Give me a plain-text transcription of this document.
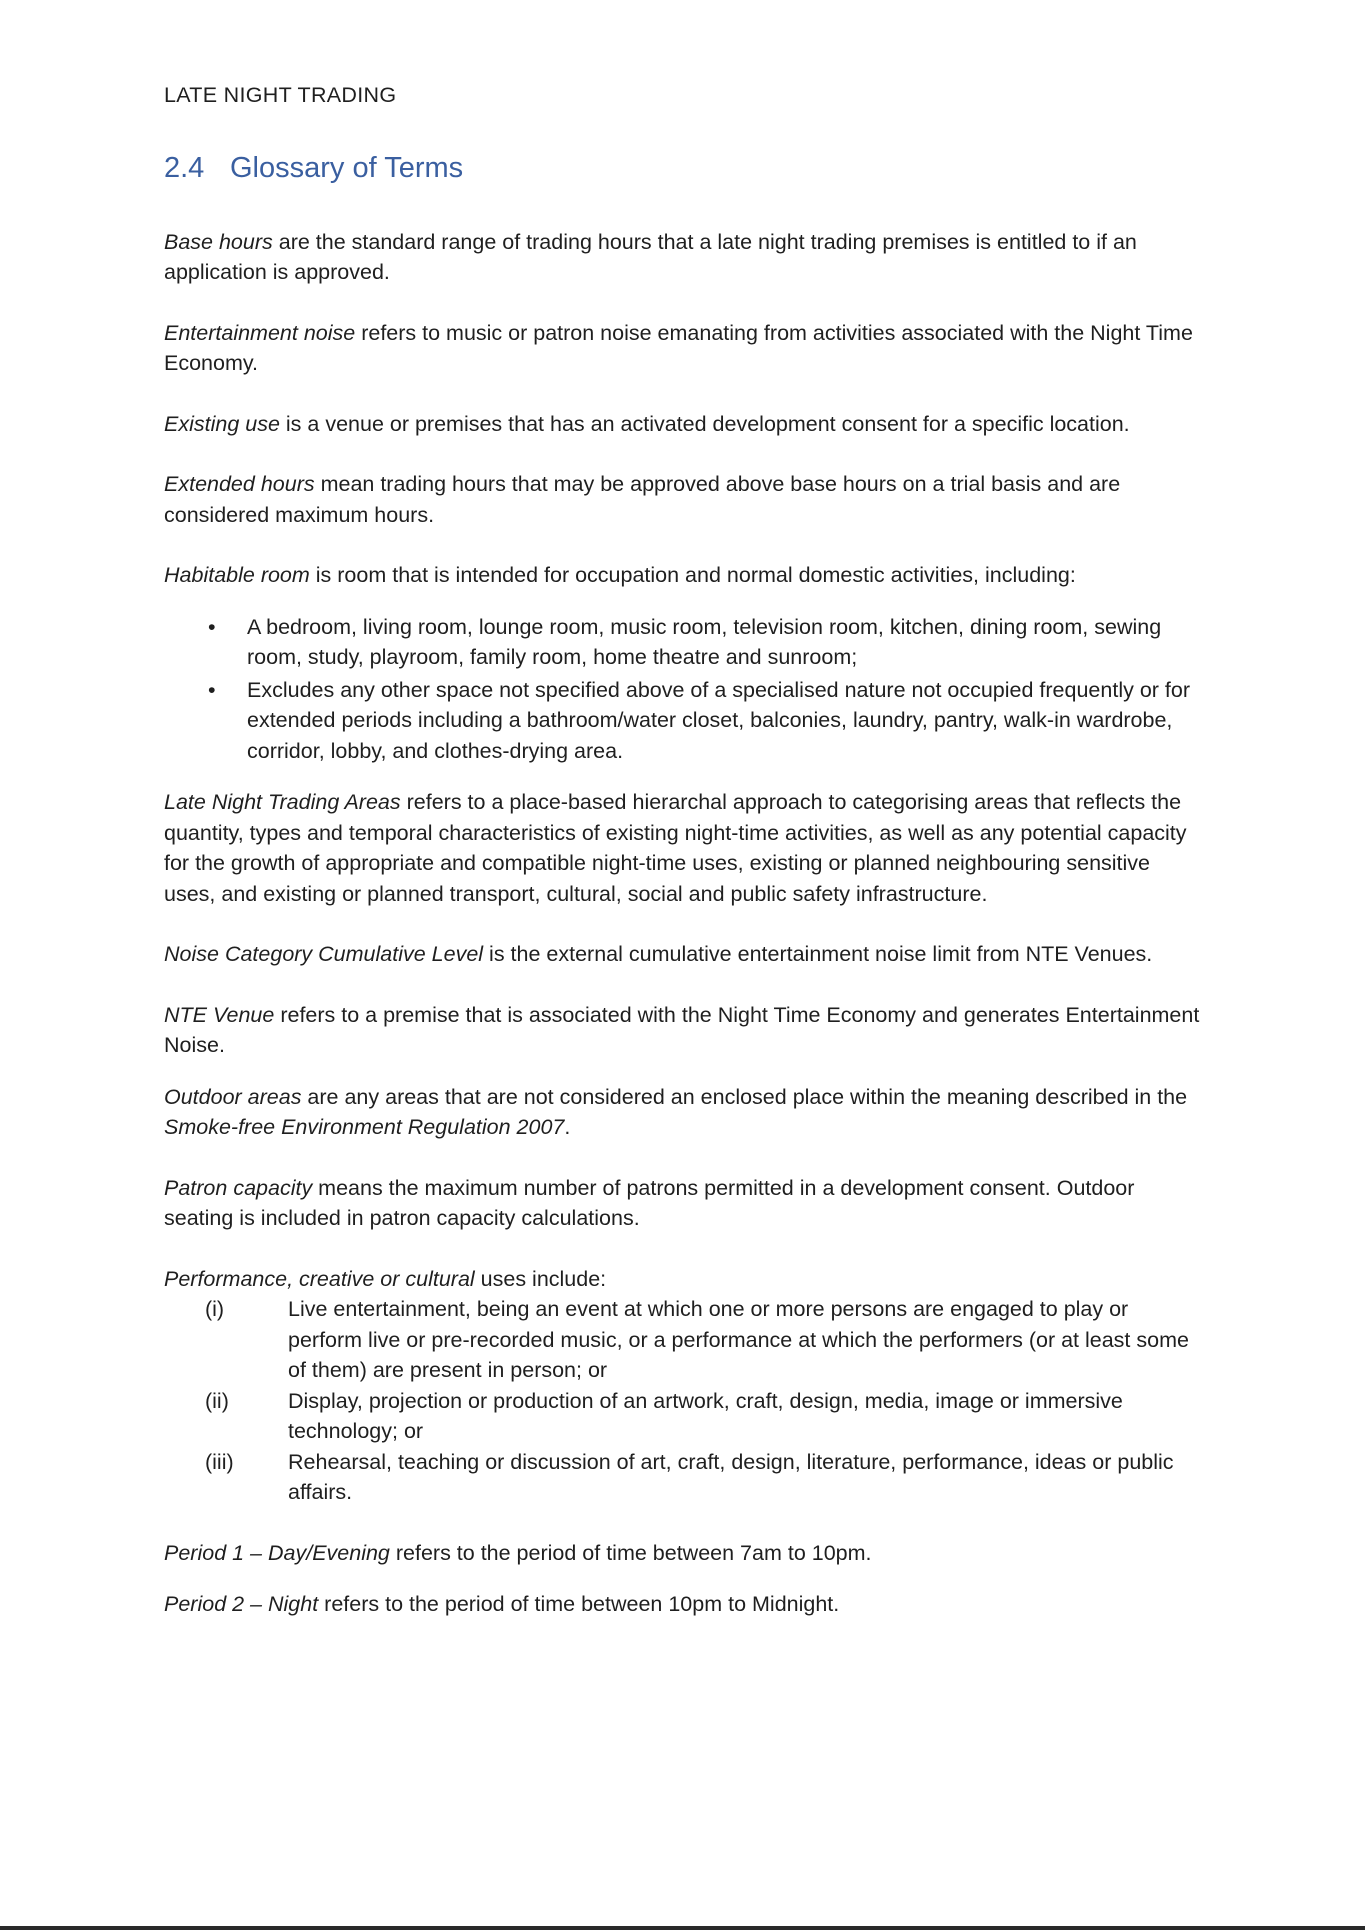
LATE NIGHT TRADING
2.4 Glossary of Terms

Base hours are the standard range of trading hours that a late night trading premises is entitled to if an application is approved.

Entertainment noise refers to music or patron noise emanating from activities associated with the Night Time Economy.

Existing use is a venue or premises that has an activated development consent for a specific location.

Extended hours mean trading hours that may be approved above base hours on a trial basis and are considered maximum hours.

Habitable room is room that is intended for occupation and normal domestic activities, including:

• A bedroom, living room, lounge room, music room, television room, kitchen, dining room, sewing room, study, playroom, family room, home theatre and sunroom;
• Excludes any other space not specified above of a specialised nature not occupied frequently or for extended periods including a bathroom/water closet, balconies, laundry, pantry, walk-in wardrobe, corridor, lobby, and clothes-drying area.

Late Night Trading Areas refers to a place-based hierarchal approach to categorising areas that reflects the quantity, types and temporal characteristics of existing night-time activities, as well as any potential capacity for the growth of appropriate and compatible night-time uses, existing or planned neighbouring sensitive uses, and existing or planned transport, cultural, social and public safety infrastructure.

Noise Category Cumulative Level is the external cumulative entertainment noise limit from NTE Venues.

NTE Venue refers to a premise that is associated with the Night Time Economy and generates Entertainment Noise.

Outdoor areas are any areas that are not considered an enclosed place within the meaning described in the Smoke-free Environment Regulation 2007.

Patron capacity means the maximum number of patrons permitted in a development consent. Outdoor seating is included in patron capacity calculations.

Performance, creative or cultural uses include:

(i)	Live entertainment, being an event at which one or more persons are engaged to play or perform live or pre-recorded music, or a performance at which the performers (or at least some of them) are present in person; or
(ii)	Display, projection or production of an artwork, craft, design, media, image or immersive technology; or
(iii)	Rehearsal, teaching or discussion of art, craft, design, literature, performance, ideas or public affairs.

Period 1 – Day/Evening refers to the period of time between 7am to 10pm.

Period 2 – Night refers to the period of time between 10pm to Midnight.
